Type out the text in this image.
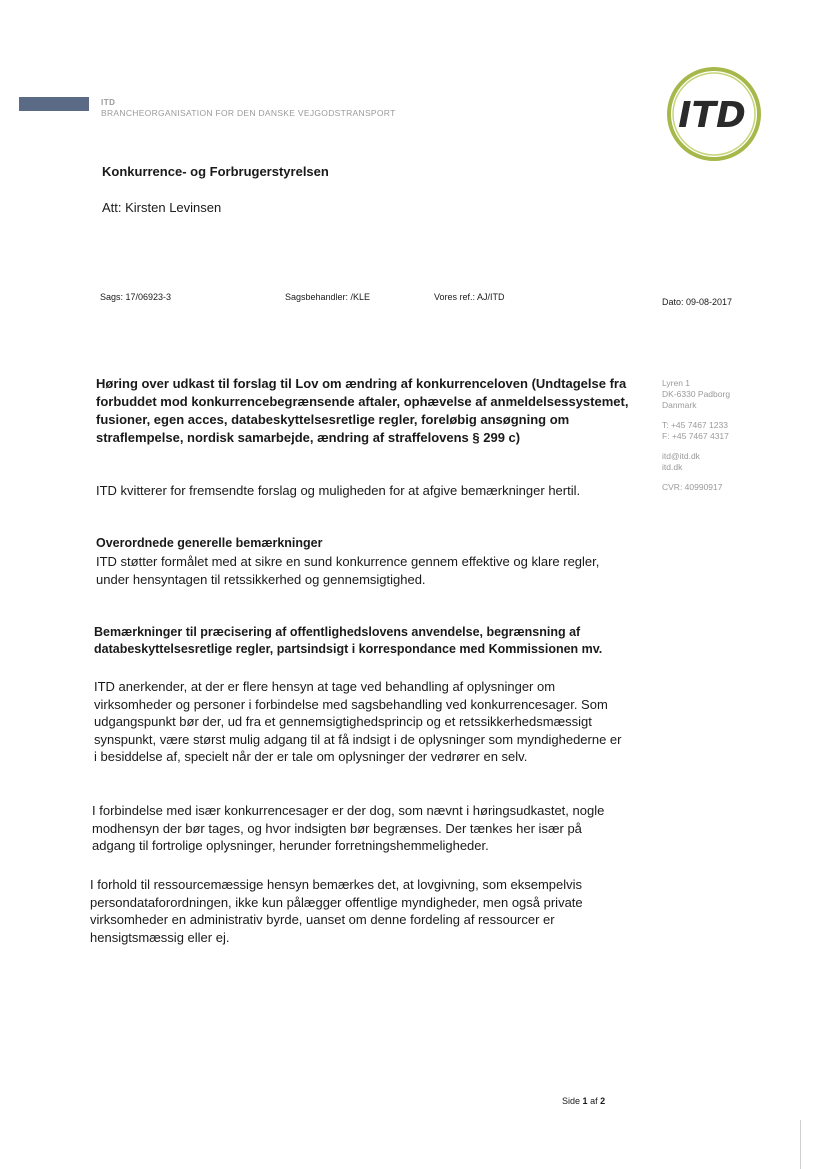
ITD
BRANCHEORGANISATION FOR DEN DANSKE VEJGODSTRANSPORT	ITD
Konkurrence- og Forbrugerstyrelsen
Att: Kirsten Levinsen
Sags: 17/06923-3	Sagsbehandler: /KLE	Vores ref.: AJ/ITD	Dato: 09-08-2017
Høring over udkast til forslag til Lov om ændring af konkurrenceloven (Undtagelse fra forbuddet mod konkurrencebegrænsende aftaler, ophævelse af anmeldelsessystemet, fusioner, egen acces, databeskyttelsesretlige regler, foreløbig ansøgning om straflempelse, nordisk samarbejde, ændring af straffelovens § 299 c)
Lyren 1
DK-6330 Padborg
Danmark
T: +45 7467 1233
F: +45 7467 4317
itd@itd.dk
itd.dk
CVR: 40990917
ITD kvitterer for fremsendte forslag og muligheden for at afgive bemærkninger hertil.
Overordnede generelle bemærkninger
ITD støtter formålet med at sikre en sund konkurrence gennem effektive og klare regler, under hensyntagen til retssikkerhed og gennemsigtighed.
Bemærkninger til præcisering af offentlighedslovens anvendelse, begrænsning af databeskyttelsesretlige regler, partsindsigt i korrespondance med Kommissionen mv.
ITD anerkender, at der er flere hensyn at tage ved behandling af oplysninger om virksomheder og personer i forbindelse med sagsbehandling ved konkurrencesager. Som udgangspunkt bør der, ud fra et gennemsigtighedsprincip og et retssikkerhedsmæssigt synspunkt, være størst mulig adgang til at få indsigt i de oplysninger som myndighederne er i besiddelse af, specielt når der er tale om oplysninger der vedrører en selv.
I forbindelse med især konkurrencesager er der dog, som nævnt i høringsudkastet, nogle modhensyn der bør tages, og hvor indsigten bør begrænses. Der tænkes her især på adgang til fortrolige oplysninger, herunder forretningshemmeligheder.
I forhold til ressourcemæssige hensyn bemærkes det, at lovgivning, som eksempelvis persondataforordningen, ikke kun pålægger offentlige myndigheder, men også private virksomheder en administrativ byrde, uanset om denne fordeling af ressourcer er hensigtsmæssig eller ej.
Side 1 af 2
